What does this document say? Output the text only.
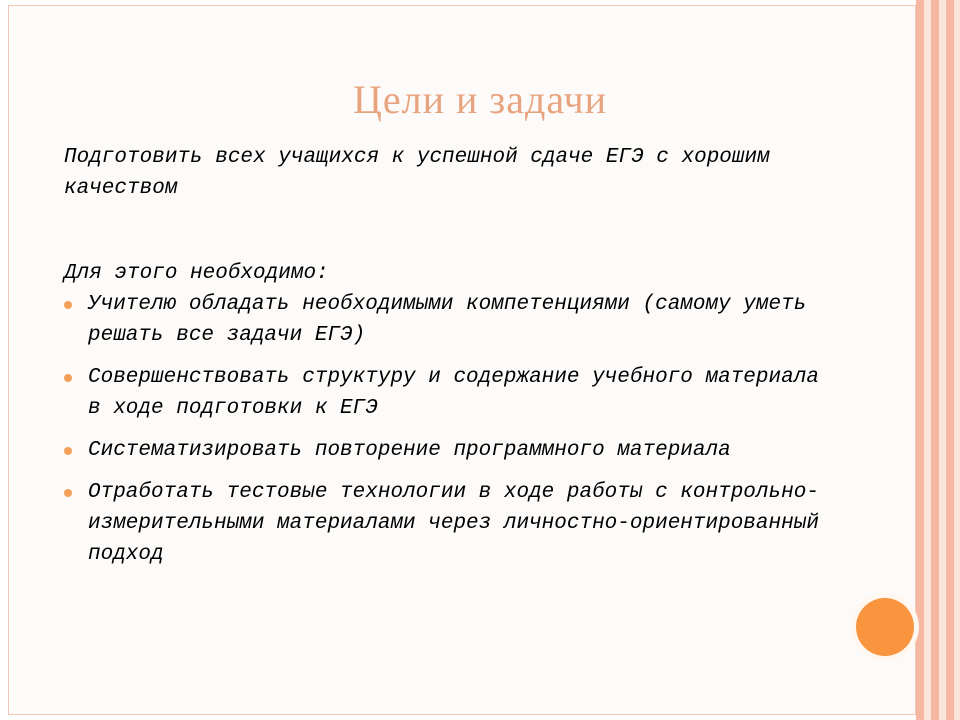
Цели и задачи

Подготовить всех учащихся к успешной сдаче ЕГЭ с хорошим качеством

Для этого необходимо:

Учителю обладать необходимыми компетенциями (самому уметь решать все задачи ЕГЭ)
Совершенствовать структуру и содержание учебного материала в ходе подготовки к ЕГЭ
Систематизировать повторение программного материала
Отработать тестовые технологии в ходе работы с контрольно-измерительными материалами через личностно-ориентированный подход
